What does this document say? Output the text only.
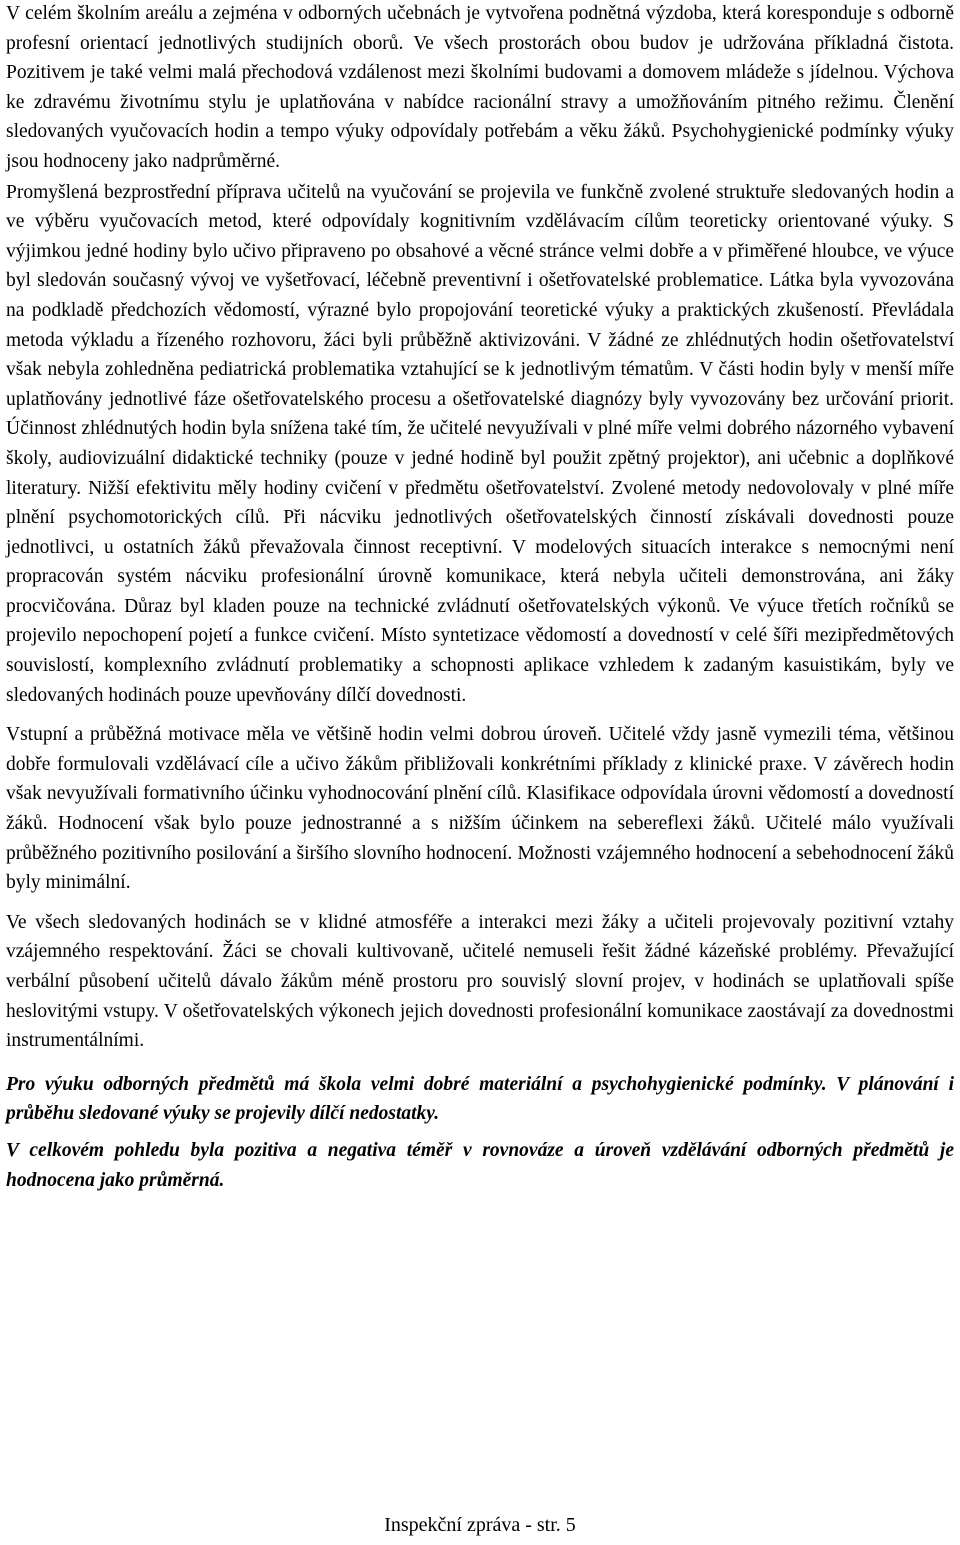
V celém školním areálu a zejména v odborných učebnách je vytvořena podnětná výzdoba, která koresponduje s odborně profesní orientací jednotlivých studijních oborů. Ve všech prostorách obou budov je udržována příkladná čistota. Pozitivem je také velmi malá přechodová vzdálenost mezi školními budovami a domovem mládeže s jídelnou. Výchova ke zdravému životnímu stylu je uplatňována v nabídce racionální stravy a umožňováním pitného režimu. Členění sledovaných vyučovacích hodin a tempo výuky odpovídaly potřebám a věku žáků. Psychohygienické podmínky výuky jsou hodnoceny jako nadprůměrné.

Promyšlená bezprostřední příprava učitelů na vyučování se projevila ve funkčně zvolené struktuře sledovaných hodin a ve výběru vyučovacích metod, které odpovídaly kognitivním vzdělávacím cílům teoreticky orientované výuky. S výjimkou jedné hodiny bylo učivo připraveno po obsahové a věcné stránce velmi dobře a v přiměřené hloubce, ve výuce byl sledován současný vývoj ve vyšetřovací, léčebně preventivní i ošetřovatelské problematice. Látka byla vyvozována na podkladě předchozích vědomostí, výrazné bylo propojování teoretické výuky a praktických zkušeností. Převládala metoda výkladu a řízeného rozhovoru, žáci byli průběžně aktivizováni. V žádné ze zhlédnutých hodin ošetřovatelství však nebyla zohledněna pediatrická problematika vztahující se k jednotlivým tématům. V části hodin byly v menší míře uplatňovány jednotlivé fáze ošetřovatelského procesu a ošetřovatelské diagnózy byly vyvozovány bez určování priorit. Účinnost zhlédnutých hodin byla snížena také tím, že učitelé nevyužívali v plné míře velmi dobrého názorného vybavení školy, audiovizuální didaktické techniky (pouze v jedné hodině byl použit zpětný projektor), ani učebnic a doplňkové literatury. Nižší efektivitu měly hodiny cvičení v předmětu ošetřovatelství. Zvolené metody nedovolovaly v plné míře plnění psychomotorických cílů. Při nácviku jednotlivých ošetřovatelských činností získávali dovednosti pouze jednotlivci, u ostatních žáků převažovala činnost receptivní. V modelových situacích interakce s nemocnými není propracován systém nácviku profesionální úrovně komunikace, která nebyla učiteli demonstrována, ani žáky procvičována. Důraz byl kladen pouze na technické zvládnutí ošetřovatelských výkonů. Ve výuce třetích ročníků se projevilo nepochopení pojetí a funkce cvičení. Místo syntetizace vědomostí a dovedností v celé šíři mezipředmětových souvislostí, komplexního zvládnutí problematiky a schopnosti aplikace vzhledem k zadaným kasuistikám, byly ve sledovaných hodinách pouze upevňovány dílčí dovednosti.

Vstupní a průběžná motivace měla ve většině hodin velmi dobrou úroveň. Učitelé vždy jasně vymezili téma, většinou dobře formulovali vzdělávací cíle a učivo žákům přibližovali konkrétními příklady z klinické praxe. V závěrech hodin však nevyužívali formativního účinku vyhodnocování plnění cílů. Klasifikace odpovídala úrovni vědomostí a dovedností žáků. Hodnocení však bylo pouze jednostranné a s nižším účinkem na sebereflexi žáků. Učitelé málo využívali průběžného pozitivního posilování a širšího slovního hodnocení. Možnosti vzájemného hodnocení a sebehodnocení žáků byly minimální.

Ve všech sledovaných hodinách se v klidné atmosféře a interakci mezi žáky a učiteli projevovaly pozitivní vztahy vzájemného respektování. Žáci se chovali kultivovaně, učitelé nemuseli řešit žádné kázeňské problémy. Převažující verbální působení učitelů dávalo žákům méně prostoru pro souvislý slovní projev, v hodinách se uplatňovali spíše heslovitými vstupy. V ošetřovatelských výkonech jejich dovednosti profesionální komunikace zaostávají za dovednostmi instrumentálními.

Pro výuku odborných předmětů má škola velmi dobré materiální a psychohygienické podmínky. V plánování i průběhu sledované výuky se projevily dílčí nedostatky.

V celkovém pohledu byla pozitiva a negativa téměř v rovnováze a úroveň vzdělávání odborných předmětů je hodnocena jako průměrná.

Inspekční zpráva - str. 5
